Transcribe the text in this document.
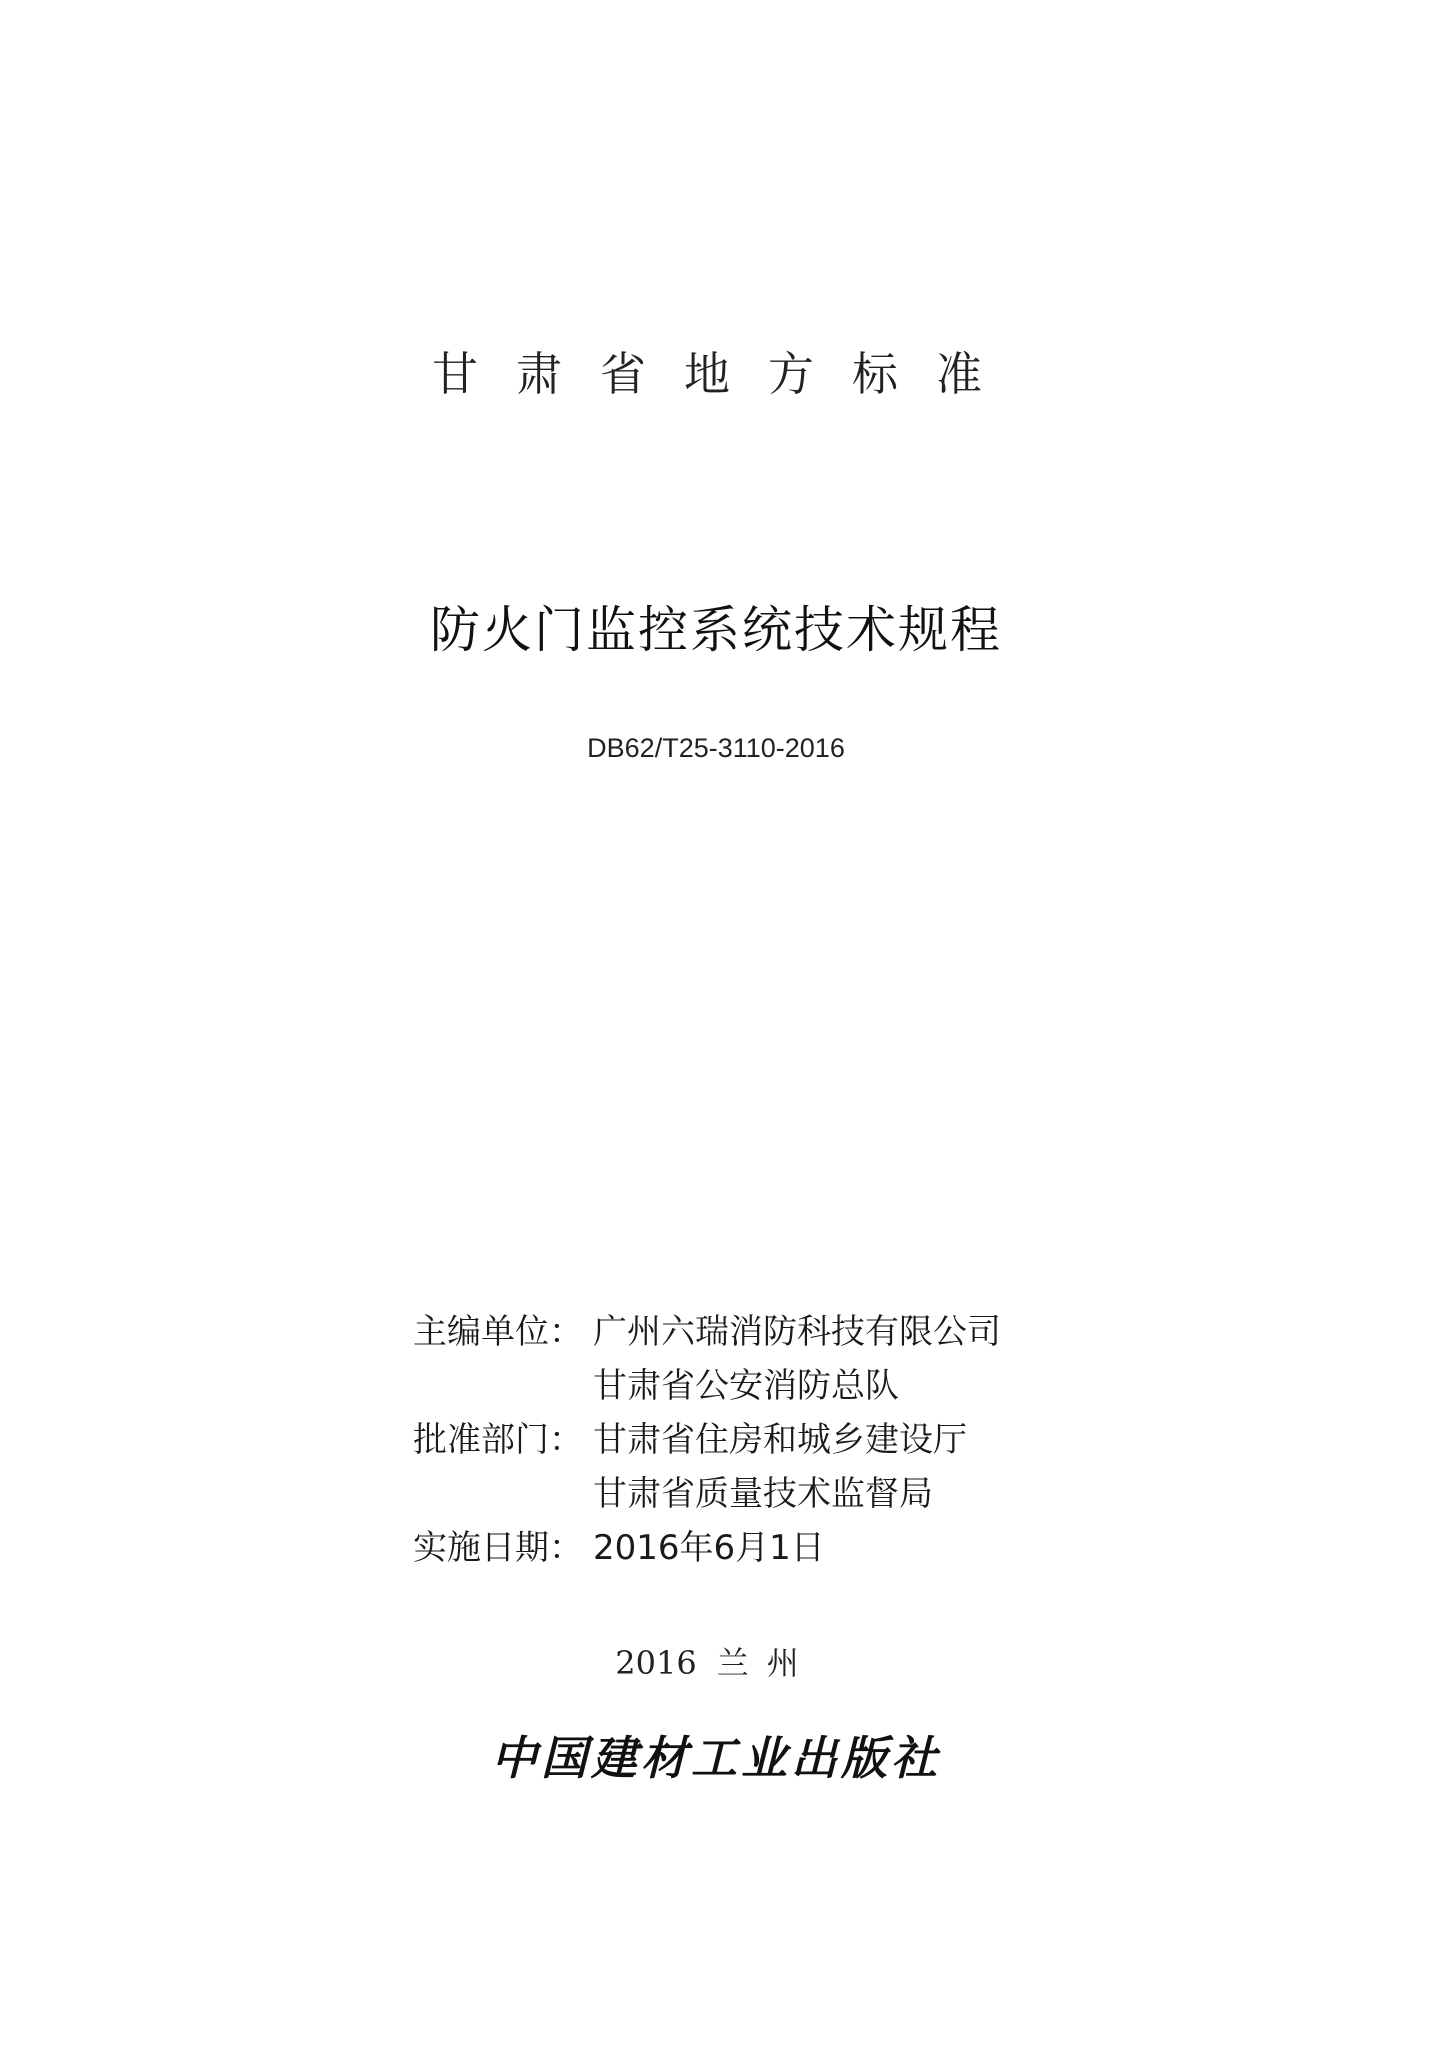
甘肃省地方标准
防火门监控系统技术规程
DB62/T25-3110-2016
主编单位： 广州六瑞消防科技有限公司
甘肃省公安消防总队
批准部门： 甘肃省住房和城乡建设厅
甘肃省质量技术监督局
实施日期： 2016年6月1日
2016 兰州
中国建材工业出版社
